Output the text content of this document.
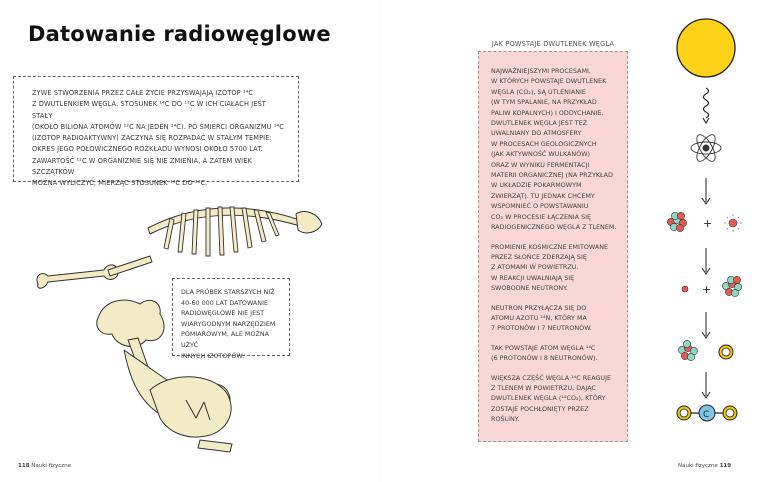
Datowanie radiowęglowe

ŻYWE STWORZENIA PRZEZ CAŁE ŻYCIE PRZYSWAJAJĄ IZOTOP ¹⁴C
Z DWUTLENKIEM WĘGLA: STOSUNEK ¹⁴C DO ¹²C W ICH CIAŁACH JEST STAŁY
(OKOŁO BILIONA ATOMÓW ¹²C NA JEDEN ¹⁴C). PO ŚMIERCI ORGANIZMU ¹⁴C
(IZOTOP RADIOAKTYWNY) ZACZYNA SIĘ ROZPADAĆ W STAŁYM TEMPIE:
OKRES JEGO POŁOWICZNEGO ROZKŁADU WYNOSI OKOŁO 5700 LAT.
ZAWARTOŚĆ ¹²C W ORGANIZMIE SIĘ NIE ZMIENIA, A ZATEM WIEK SZCZĄTKÓW
MOŻNA WYLICZYĆ, MIERZĄC STOSUNEK ¹⁴C DO ¹²C.

DLA PRÓBEK STARSZYCH NIŻ
40-60 000 LAT DATOWANIE
RADIOWĘGLOWE NIE JEST
WIARYGODNYM NARZĘDZIEM
POMIAROWYM, ALE MOŻNA UŻYĆ
INNYCH IZOTOPÓW.

JAK POWSTAJE DWUTLENEK WĘGLA

NAJWAŻNIEJSZYMI PROCESAMI,
W KTÓRYCH POWSTAJE DWUTLENEK
WĘGLA (CO₂), SĄ UTLENIANIE
(W TYM SPALANIE, NA PRZYKŁAD
PALIW KOPALNYCH) I ODDYCHANIE.
DWUTLENEK WĘGLA JEST TEŻ
UWALNIANY DO ATMOSFERY
W PROCESACH GEOLOGICZNYCH
(JAK AKTYWNOŚĆ WULKANÓW)
ORAZ W WYNIKU FERMENTACJI
MATERII ORGANICZNEJ (NA PRZYKŁAD
W UKŁADZIE POKARMOWYM
ZWIERZĄT). TU JEDNAK CHCEMY
WSPOMNIEĆ O POWSTAWANIU
CO₂ W PROCESIE ŁĄCZENIA SIĘ
RADIOGENICZNEGO WĘGLA Z TLENEM.

PROMIENIE KOSMICZNE EMITOWANE
PRZEZ SŁOŃCE ZDERZAJĄ SIĘ
Z ATOMAMI W POWIETRZU.
W REAKCJI UWALNIAJĄ SIĘ
SWOBODNE NEUTRONY.

NEUTRON PRZYŁĄCZA SIĘ DO
ATOMU AZOTU ¹⁴N, KTÓRY MA
7 PROTONÓW I 7 NEUTRONÓW.

TAK POWSTAJE ATOM WĘGLA ¹⁴C
(6 PROTONÓW I 8 NEUTRONÓW).

WIĘKSZA CZĘŚĆ WĘGLA ¹⁴C REAGUJE
Z TLENEM W POWIETRZU, DAJĄC
DWUTLENEK WĘGLA (¹⁴CO₂), KTÓRY
ZOSTAJE POCHŁONIĘTY PRZEZ
ROŚLINY.

+
+
C
118 Nauki fizyczne	Nauki fizyczne 119
